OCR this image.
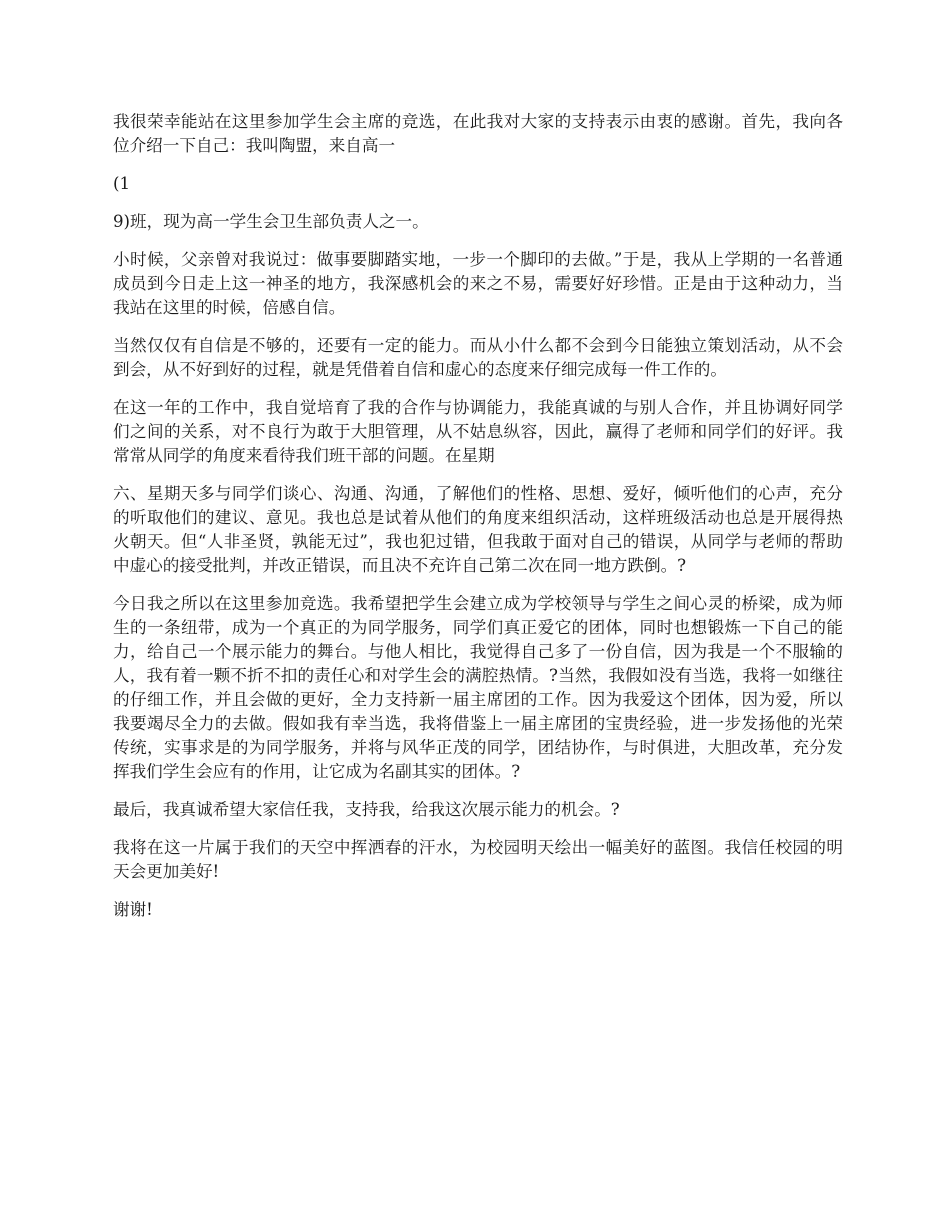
我很荣幸能站在这里参加学生会主席的竞选，在此我对大家的支持表示由衷的感谢。首先，我向各位介绍一下自己：我叫陶盟，来自高一

(1

9)班，现为高一学生会卫生部负责人之一。

小时候，父亲曾对我说过：做事要脚踏实地，一步一个脚印的去做。”于是，我从上学期的一名普通成员到今日走上这一神圣的地方，我深感机会的来之不易，需要好好珍惜。正是由于这种动力，当我站在这里的时候，倍感自信。

当然仅仅有自信是不够的，还要有一定的能力。而从小什么都不会到今日能独立策划活动，从不会到会，从不好到好的过程，就是凭借着自信和虚心的态度来仔细完成每一件工作的。

在这一年的工作中，我自觉培育了我的合作与协调能力，我能真诚的与别人合作，并且协调好同学们之间的关系，对不良行为敢于大胆管理，从不姑息纵容，因此，赢得了老师和同学们的好评。我常常从同学的角度来看待我们班干部的问题。在星期

六、星期天多与同学们谈心、沟通、沟通，了解他们的性格、思想、爱好，倾听他们的心声，充分的听取他们的建议、意见。我也总是试着从他们的角度来组织活动，这样班级活动也总是开展得热火朝天。但“人非圣贤，孰能无过”，我也犯过错，但我敢于面对自己的错误，从同学与老师的帮助中虚心的接受批判，并改正错误，而且决不充许自己第二次在同一地方跌倒。?

今日我之所以在这里参加竞选。我希望把学生会建立成为学校领导与学生之间心灵的桥梁，成为师生的一条纽带，成为一个真正的为同学服务，同学们真正爱它的团体，同时也想锻炼一下自己的能力，给自己一个展示能力的舞台。与他人相比，我觉得自己多了一份自信，因为我是一个不服输的人，我有着一颗不折不扣的责任心和对学生会的满腔热情。?当然，我假如没有当选，我将一如继往的仔细工作，并且会做的更好，全力支持新一届主席团的工作。因为我爱这个团体，因为爱，所以我要竭尽全力的去做。假如我有幸当选，我将借鉴上一届主席团的宝贵经验，进一步发扬他的光荣传统，实事求是的为同学服务，并将与风华正茂的同学，团结协作，与时俱进，大胆改革，充分发挥我们学生会应有的作用，让它成为名副其实的团体。?

最后，我真诚希望大家信任我，支持我，给我这次展示能力的机会。?

我将在这一片属于我们的天空中挥洒春的汗水，为校园明天绘出一幅美好的蓝图。我信任校园的明天会更加美好!

谢谢!
